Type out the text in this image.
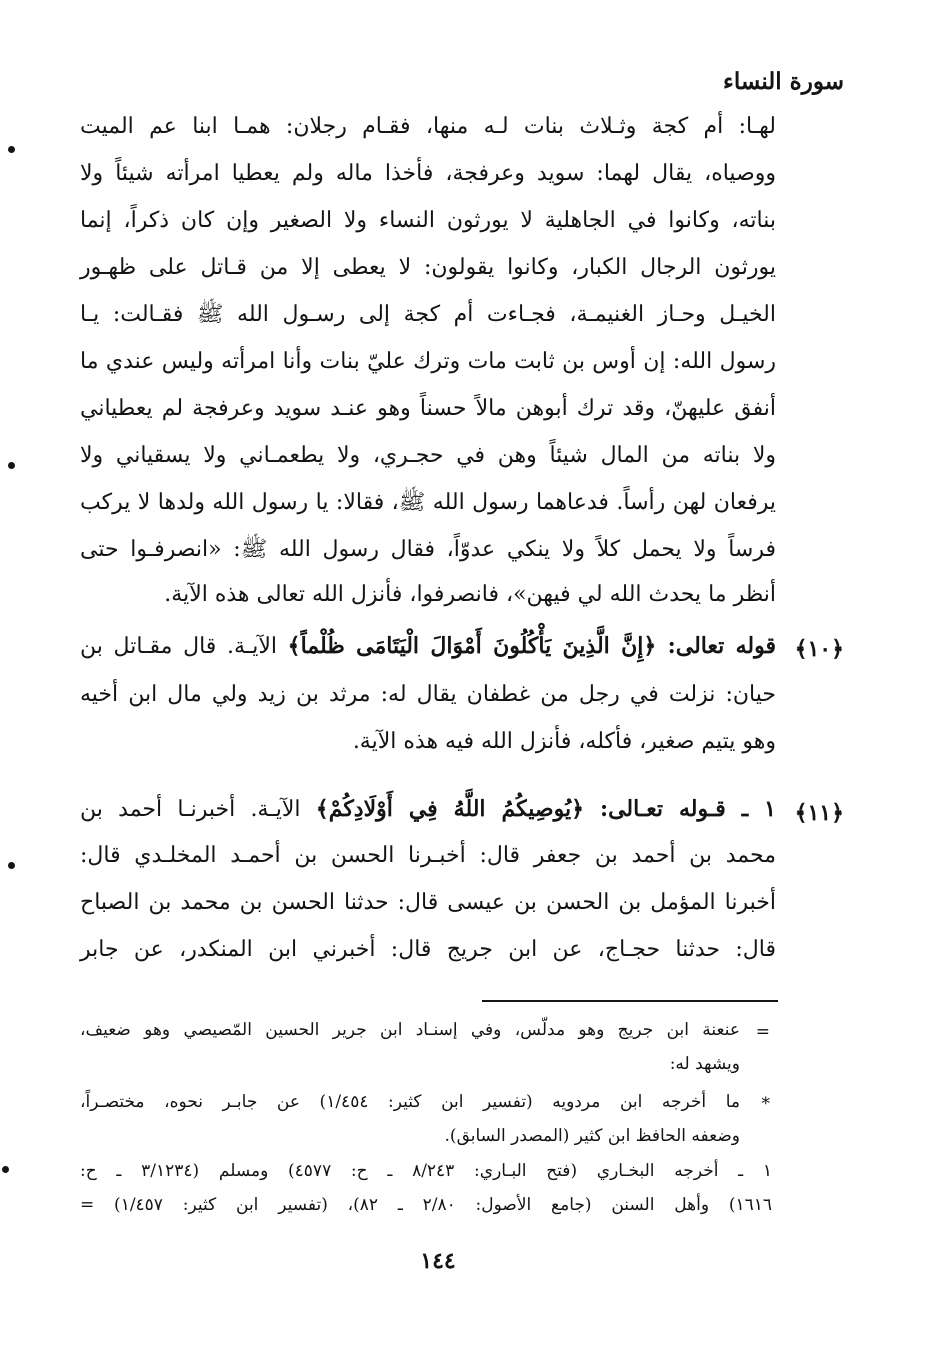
سورة النساء
لهـا: أم كجة وثـلاث بنات لـه منها، فقـام رجلان: همـا ابنا عم الميت
ووصياه، يقال لهما: سويد وعرفجة، فأخذا ماله ولم يعطيا امرأته شيئاً ولا
بناته، وكانوا في الجاهلية لا يورثون النساء ولا الصغير وإن كان ذكراً، إنما
يورثون الرجال الكبار، وكانوا يقولون: لا يعطى إلا من قـاتل على ظهـور
الخيـل وحـاز الغنيمـة، فجـاءت أم كجة إلى رسـول الله ﷺ فقـالت: يـا
رسول الله: إن أوس بن ثابت مات وترك عليّ بنات وأنا امرأته وليس عندي ما
أنفق عليهنّ، وقد ترك أبوهن مالاً حسناً وهو عنـد سويد وعرفجة لم يعطياني
ولا بناته من المال شيئاً وهن في حجـري، ولا يطعمـاني ولا يسقياني ولا
يرفعان لهن رأساً. فدعاهما رسول الله ﷺ، فقالا: يا رسول الله ولدها لا يركب
فرساً ولا يحمل كلاً ولا ينكي عدوّاً، فقال رسول الله ﷺ: «انصرفـوا حتى
أنظر ما يحدث الله لي فيهن»، فانصرفوا، فأنزل الله تعالى هذه الآية.
﴿١٠﴾
قوله تعالى: ﴿إِنَّ الَّذِينَ يَأْكُلُونَ أَمْوَالَ الْيَتَامَى ظُلْماً﴾ الآيـة. قال مقـاتل بن
حيان: نزلت في رجل من غطفان يقال له: مرثد بن زيد ولي مال ابن أخيه
وهو يتيم صغير، فأكله، فأنزل الله فيه هذه الآية.
﴿١١﴾
١ ـ قـوله تعـالى: ﴿يُوصِيكُمُ اللَّهُ فِي أَوْلَادِكُمْ﴾ الآيـة. أخبرنـا أحمد بن
محمد بن أحمد بن جعفر قال: أخبـرنا الحسن بن أحمـد المخلـدي قال:
أخبرنا المؤمل بن الحسن بن عيسى قال: حدثنا الحسن بن محمد بن الصباح
قال: حدثنا حجـاج، عن ابن جريج قال: أخبرني ابن المنكدر، عن جابر
=
عنعنة ابن جريج وهو مدلّس، وفي إسنـاد ابن جرير الحسين المّصيصي وهو ضعيف،
ويشهد له:
*
ما أخرجه ابن مردويه (تفسير ابن كثير: ١/٤٥٤) عن جابـر نحوه، مختصـراً،
وضعفه الحافظ ابن كثير (المصدر السابق).
١ ـ أخرجه البخـاري (فتح البـاري: ٨/٢٤٣ ـ ح: ٤٥٧٧) ومسلم (٣/١٢٣٤ ـ ح:
١٦١٦) وأهل السنن (جامع الأصول: ٢/٨٠ ـ ٨٢)، (تفسير ابن كثير: ١/٤٥٧) =
١٤٤
